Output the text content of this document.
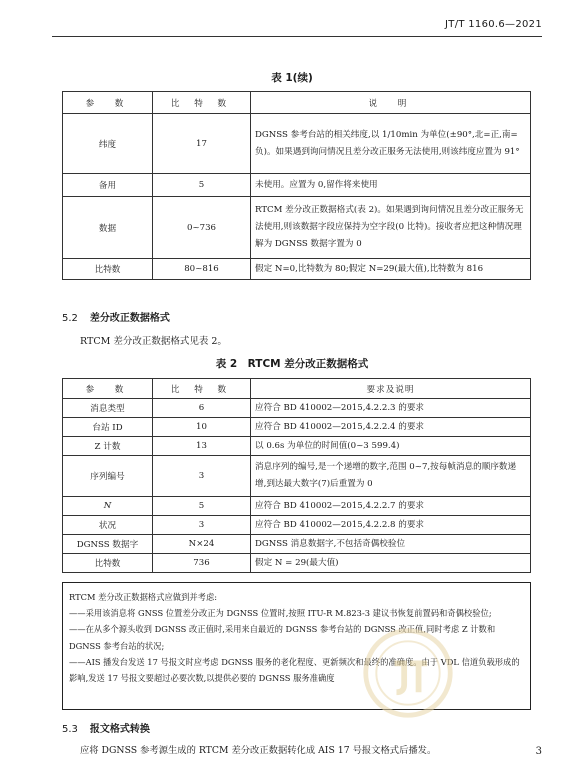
JT/T 1160.6—2021
表 1(续)
参　数	比 特 数	说　明
纬度	17	DGNSS 参考台站的相关纬度,以 1/10min 为单位(±90°,北=正,南=负)。如果遇到询问情况且差分改正服务无法使用,则该纬度应置为 91°
备用	5	未使用。应置为 0,留作将来使用
数据	0~736	RTCM 差分改正数据格式(表 2)。如果遇到询问情况且差分改正服务无法使用,则该数据字段应保持为空字段(0 比特)。接收者应把这种情况理解为 DGNSS 数据字置为 0
比特数	80~816	假定 N=0,比特数为 80;假定 N=29(最大值),比特数为 816
5.2 差分改正数据格式
RTCM 差分改正数据格式见表 2。
表 2　RTCM 差分改正数据格式
参　数	比 特 数	要求及说明
消息类型	6	应符合 BD 410002—2015,4.2.2.3 的要求
台站 ID	10	应符合 BD 410002—2015,4.2.2.4 的要求
Z 计数	13	以 0.6s 为单位的时间值(0~3 599.4)
序列编号	3	消息序列的编号,是一个递增的数字,范围 0~7,按每帧消息的顺序数递增,到达最大数字(7)后重置为 0
N	5	应符合 BD 410002—2015,4.2.2.7 的要求
状况	3	应符合 BD 410002—2015,4.2.2.8 的要求
DGNSS 数据字	N×24	DGNSS 消息数据字,不包括奇偶校验位
比特数	736	假定 N = 29(最大值)
RTCM 差分改正数据格式应做到并考虑:
——采用该消息将 GNSS 位置差分改正为 DGNSS 位置时,按照 ITU-R M.823-3 建议书恢复前置码和奇偶校验位;
——在从多个源头收到 DGNSS 改正值时,采用来自最近的 DGNSS 参考台站的 DGNSS 改正值,同时考虑 Z 计数和 DGNSS 参考台站的状况;
——AIS 播发台发送 17 号报文时应考虑 DGNSS 服务的老化程度、更新频次和最终的准确度。由于 VDL 信道负载形成的影响,发送 17 号报文要超过必要次数,以提供必要的 DGNSS 服务准确度
5.3 报文格式转换
应将 DGNSS 参考源生成的 RTCM 差分改正数据转化成 AIS 17 号报文格式后播发。	3
